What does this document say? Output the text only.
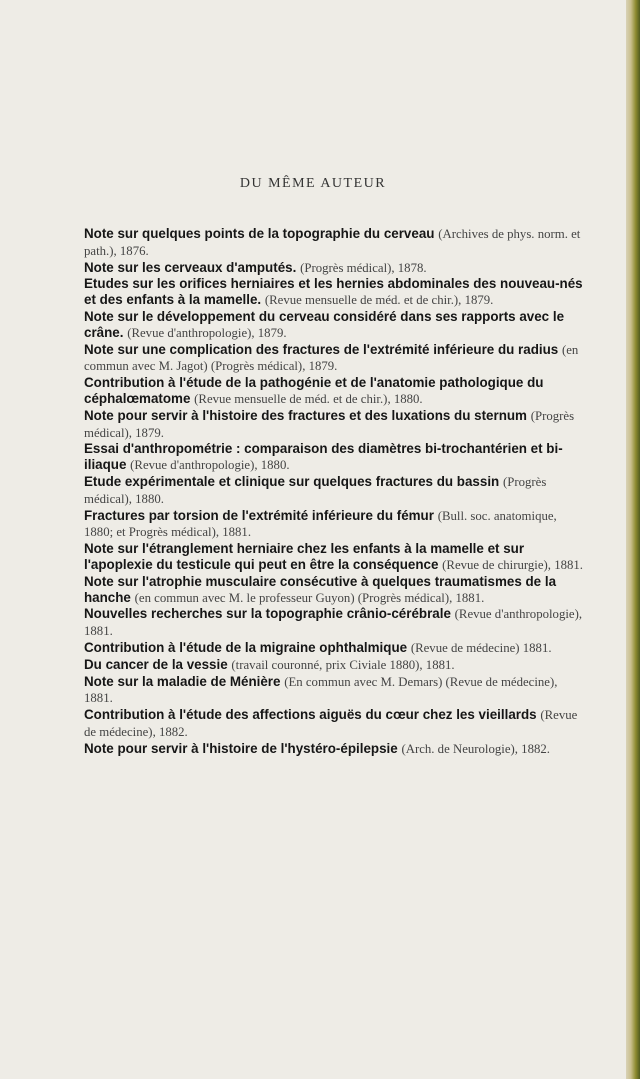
DU MÊME AUTEUR

Note sur quelques points de la topographie du cerveau (Archives de phys. norm. et path.), 1876.

Note sur les cerveaux d'amputés. (Progrès médical), 1878.

Etudes sur les orifices herniaires et les hernies abdominales des nouveau-nés et des enfants à la mamelle. (Revue mensuelle de méd. et de chir.), 1879.

Note sur le développement du cerveau considéré dans ses rapports avec le crâne. (Revue d'anthropologie), 1879.

Note sur une complication des fractures de l'extrémité inférieure du radius (en commun avec M. Jagot) (Progrès médical), 1879.

Contribution à l'étude de la pathogénie et de l'anatomie pathologique du céphalœmatome (Revue mensuelle de méd. et de chir.), 1880.

Note pour servir à l'histoire des fractures et des luxations du sternum (Progrès médical), 1879.

Essai d'anthropométrie : comparaison des diamètres bi-trochantérien et bi-iliaque (Revue d'anthropologie), 1880.

Etude expérimentale et clinique sur quelques fractures du bassin (Progrès médical), 1880.

Fractures par torsion de l'extrémité inférieure du fémur (Bull. soc. anatomique, 1880; et Progrès médical), 1881.

Note sur l'étranglement herniaire chez les enfants à la mamelle et sur l'apoplexie du testicule qui peut en être la conséquence (Revue de chirurgie), 1881.

Note sur l'atrophie musculaire consécutive à quelques traumatismes de la hanche (en commun avec M. le professeur Guyon) (Progrès médical), 1881.

Nouvelles recherches sur la topographie crânio-cérébrale (Revue d'anthropologie), 1881.

Contribution à l'étude de la migraine ophthalmique (Revue de médecine) 1881.

Du cancer de la vessie (travail couronné, prix Civiale 1880), 1881.

Note sur la maladie de Ménière (En commun avec M. Demars) (Revue de médecine), 1881.

Contribution à l'étude des affections aiguës du cœur chez les vieillards (Revue de médecine), 1882.

Note pour servir à l'histoire de l'hystéro-épilepsie (Arch. de Neurologie), 1882.
